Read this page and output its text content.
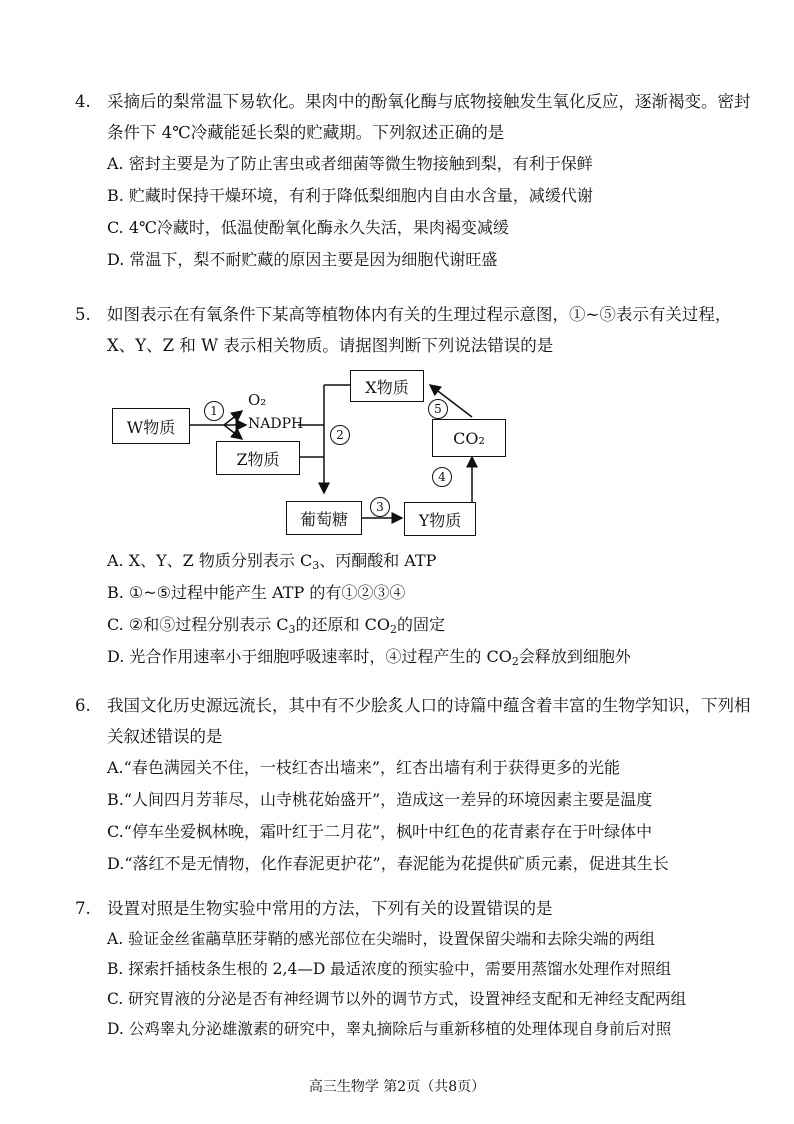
4. 采摘后的梨常温下易软化。果肉中的酚氧化酶与底物接触发生氧化反应，逐渐褐变。密封条件下 4℃冷藏能延长梨的贮藏期。下列叙述正确的是
A. 密封主要是为了防止害虫或者细菌等微生物接触到梨，有利于保鲜
B. 贮藏时保持干燥环境，有利于降低梨细胞内自由水含量，减缓代谢
C. 4℃冷藏时，低温使酚氧化酶永久失活，果肉褐变减缓
D. 常温下，梨不耐贮藏的原因主要是因为细胞代谢旺盛
5. 如图表示在有氧条件下某高等植物体内有关的生理过程示意图，①~⑤表示有关过程，X、Y、Z 和 W 表示相关物质。请据图判断下列说法错误的是
W物质
1
O₂
NADPH
Z物质
2
X物质
5
CO₂
4
葡萄糖
3
Y物质
A. X、Y、Z 物质分别表示 $C_3$、丙酮酸和 ATP
B. ①~⑤过程中能产生 ATP 的有①②③④
C. ②和⑤过程分别表示 $C_3$的还原和 $CO_2$的固定
D. 光合作用速率小于细胞呼吸速率时，④过程产生的 $CO_2$会释放到细胞外
6. 我国文化历史源远流长，其中有不少脍炙人口的诗篇中蕴含着丰富的生物学知识，下列相关叙述错误的是
A.“春色满园关不住，一枝红杏出墙来”，红杏出墙有利于获得更多的光能
B.“人间四月芳菲尽，山寺桃花始盛开”，造成这一差异的环境因素主要是温度
C.“停车坐爱枫林晚，霜叶红于二月花”，枫叶中红色的花青素存在于叶绿体中
D.“落红不是无情物，化作春泥更护花”，春泥能为花提供矿质元素，促进其生长
7. 设置对照是生物实验中常用的方法，下列有关的设置错误的是
A. 验证金丝雀虉草胚芽鞘的感光部位在尖端时，设置保留尖端和去除尖端的两组
B. 探索扦插枝条生根的 2,4—D 最适浓度的预实验中，需要用蒸馏水处理作对照组
C. 研究胃液的分泌是否有神经调节以外的调节方式，设置神经支配和无神经支配两组
D. 公鸡睾丸分泌雄激素的研究中，睾丸摘除后与重新移植的处理体现自身前后对照
高三生物学 第2页（共8页）
